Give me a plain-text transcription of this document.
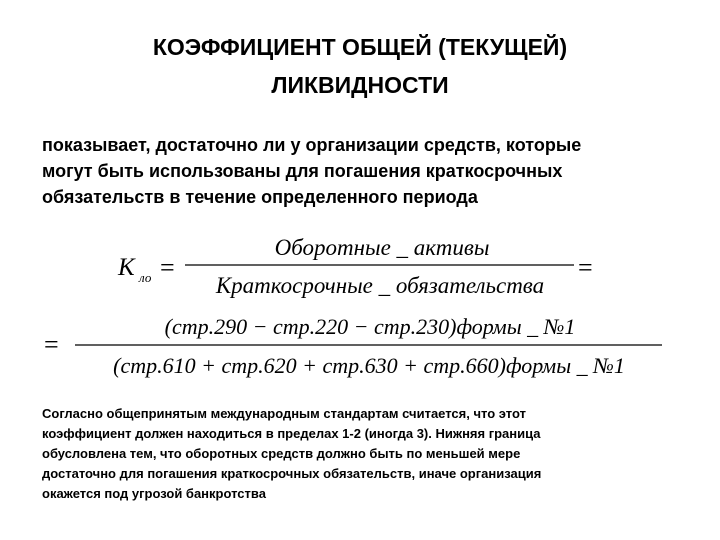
КОЭФФИЦИЕНТ ОБЩЕЙ (ТЕКУЩЕЙ)
ЛИКВИДНОСТИ
показывает, достаточно ли у организации средств, которые
могут быть использованы для погашения краткосрочных
обязательств в течение определенного периода
К ло =
Оборотные _ активы
Краткосрочные _ обязательства
=
=
(стр.290 − стр.220 − стр.230)формы _ №1
(стр.610 + стр.620 + стр.630 + стр.660)формы _ №1
Согласно общепринятым международным стандартам считается, что этот
коэффициент должен находиться в пределах 1-2 (иногда 3). Нижняя граница
обусловлена тем, что оборотных средств должно быть по меньшей мере
достаточно для погашения краткосрочных обязательств, иначе организация
окажется под угрозой банкротства
